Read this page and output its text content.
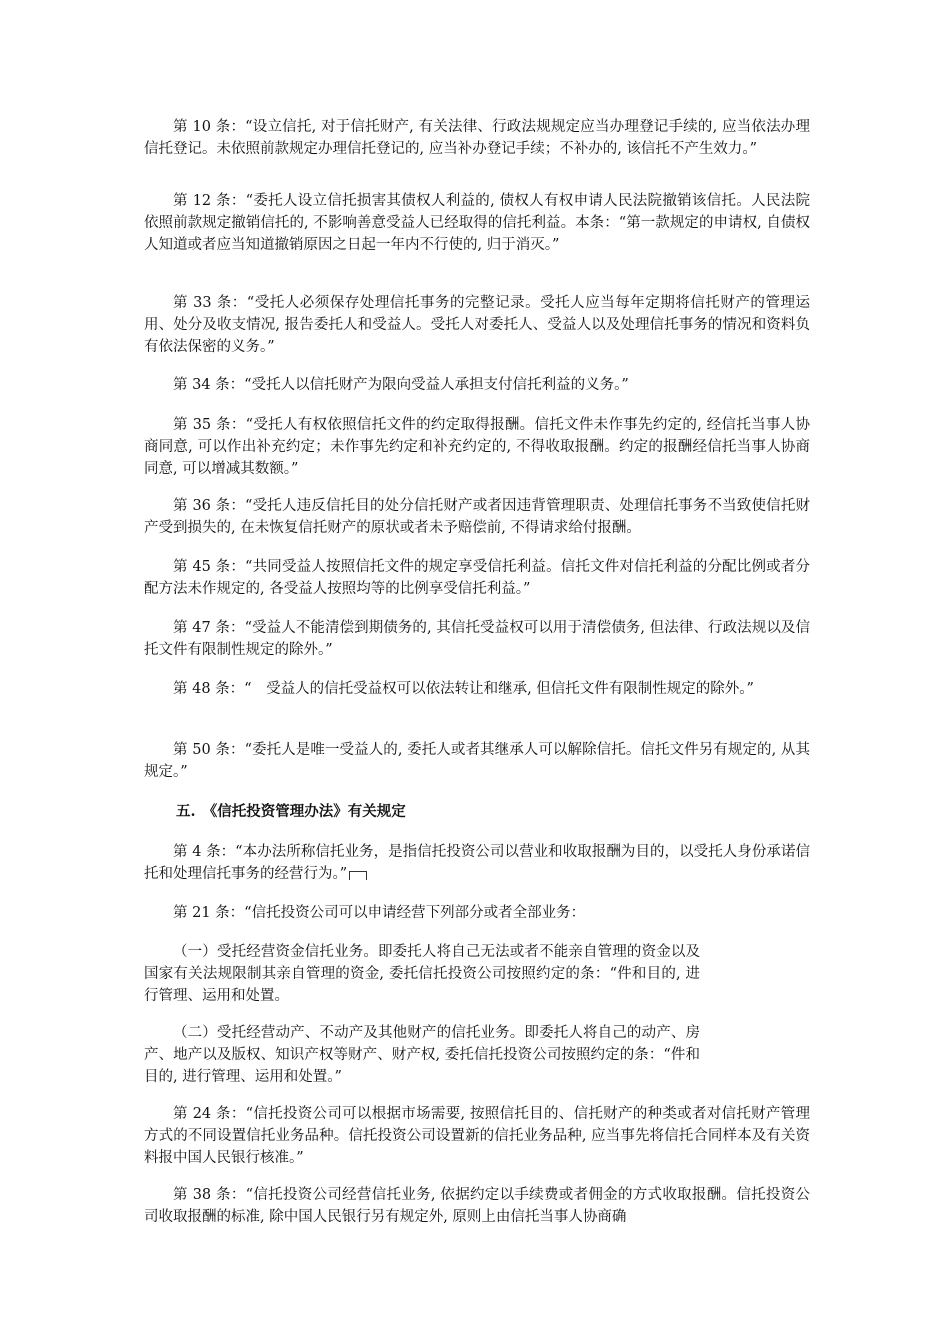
第 10 条：“设立信托, 对于信托财产, 有关法律、行政法规规定应当办理登记手续的, 应当依法办理信托登记。未依照前款规定办理信托登记的, 应当补办登记手续；不补办的, 该信托不产生效力。”

第 12 条：“委托人设立信托损害其债权人利益的, 债权人有权申请人民法院撤销该信托。人民法院依照前款规定撤销信托的, 不影响善意受益人已经取得的信托利益。本条：“第一款规定的申请权, 自债权人知道或者应当知道撤销原因之日起一年内不行使的, 归于消灭。”

第 33 条：“受托人必须保存处理信托事务的完整记录。受托人应当每年定期将信托财产的管理运用、处分及收支情况, 报告委托人和受益人。受托人对委托人、受益人以及处理信托事务的情况和资料负有依法保密的义务。”

第 34 条：“受托人以信托财产为限向受益人承担支付信托利益的义务。”

第 35 条：“受托人有权依照信托文件的约定取得报酬。信托文件未作事先约定的, 经信托当事人协商同意, 可以作出补充约定；未作事先约定和补充约定的, 不得收取报酬。约定的报酬经信托当事人协商同意, 可以增减其数额。”

第 36 条：“受托人违反信托目的处分信托财产或者因违背管理职责、处理信托事务不当致使信托财产受到损失的, 在未恢复信托财产的原状或者未予赔偿前, 不得请求给付报酬。

第 45 条：“共同受益人按照信托文件的规定享受信托利益。信托文件对信托利益的分配比例或者分配方法未作规定的, 各受益人按照均等的比例享受信托利益。”

第 47 条：“受益人不能清偿到期债务的, 其信托受益权可以用于清偿债务, 但法律、行政法规以及信托文件有限制性规定的除外。”

第 48 条：“　受益人的信托受益权可以依法转让和继承, 但信托文件有限制性规定的除外。”

第 50 条：“委托人是唯一受益人的, 委托人或者其继承人可以解除信托。信托文件另有规定的, 从其规定。”

五.　《信托投资管理办法》有关规定

第 4 条：“本办法所称信托业务，是指信托投资公司以营业和收取报酬为目的，以受托人身份承诺信托和处理信托事务的经营行为。”

第 21 条：“信托投资公司可以申请经营下列部分或者全部业务：

（一）受托经营资金信托业务。即委托人将自己无法或者不能亲自管理的资金以及国家有关法规限制其亲自管理的资金, 委托信托投资公司按照约定的条：“件和目的, 进行管理、运用和处置。

（二）受托经营动产、不动产及其他财产的信托业务。即委托人将自己的动产、房产、地产以及版权、知识产权等财产、财产权, 委托信托投资公司按照约定的条：“件和目的, 进行管理、运用和处置。”

第 24 条：“信托投资公司可以根据市场需要, 按照信托目的、信托财产的种类或者对信托财产管理方式的不同设置信托业务品种。信托投资公司设置新的信托业务品种, 应当事先将信托合同样本及有关资料报中国人民银行核准。”

第 38 条：“信托投资公司经营信托业务, 依据约定以手续费或者佣金的方式收取报酬。信托投资公司收取报酬的标准, 除中国人民银行另有规定外, 原则上由信托当事人协商确
